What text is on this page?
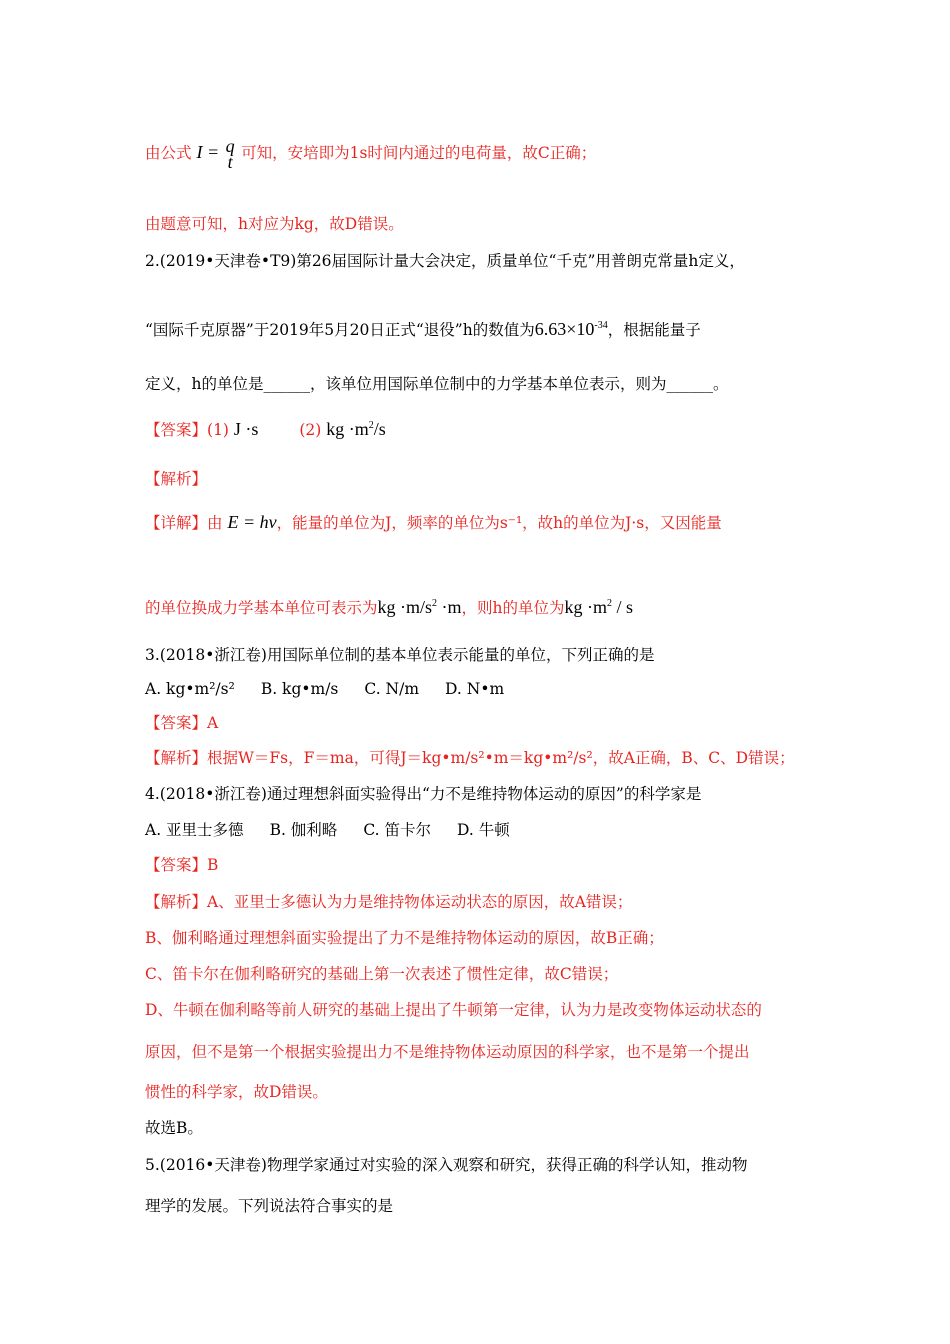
由公式 I = q
t 可知，安培即为1s时间内通过的电荷量，故C正确；
由题意可知，h对应为kg，故D错误。
2.(2019•天津卷•T9)第26届国际计量大会决定，质量单位“千克”用普朗克常量h定义，
“国际千克原器”于2019年5月20日正式“退役”h的数值为$6.63\times 10^{-34}$，根据能量子
定义，h的单位是______，该单位用国际单位制中的力学基本单位表示，则为______。
【答案】(1) J ·s	(2) kg $\cdot m^2/s$
【解析】
【详解】由 E = hν，能量的单位为J，频率的单位为s⁻¹，故h的单位为J·s，又因能量
的单位换成力学基本单位可表示为kg $\cdot m/s^2 \cdot m$，则h的单位为kg $\cdot m^2 / s$
3.(2018•浙江卷)用国际单位制的基本单位表示能量的单位，下列正确的是
A. kg•m²/s² B. kg•m/s C. N/m D. N•m
【答案】A
【解析】根据W＝Fs，F＝ma，可得J＝kg•m/s²•m＝kg•m²/s²，故A正确，B、C、D错误；
4.(2018•浙江卷)通过理想斜面实验得出“力不是维持物体运动的原因”的科学家是
A. 亚里士多德 B. 伽利略 C. 笛卡尔 D. 牛顿
【答案】B
【解析】A、亚里士多德认为力是维持物体运动状态的原因，故A错误；
B、伽利略通过理想斜面实验提出了力不是维持物体运动的原因，故B正确；
C、笛卡尔在伽利略研究的基础上第一次表述了惯性定律，故C错误；
D、牛顿在伽利略等前人研究的基础上提出了牛顿第一定律，认为力是改变物体运动状态的
原因，但不是第一个根据实验提出力不是维持物体运动原因的科学家，也不是第一个提出
惯性的科学家，故D错误。
故选B。
5.(2016•天津卷)物理学家通过对实验的深入观察和研究，获得正确的科学认知，推动物
理学的发展。下列说法符合事实的是
